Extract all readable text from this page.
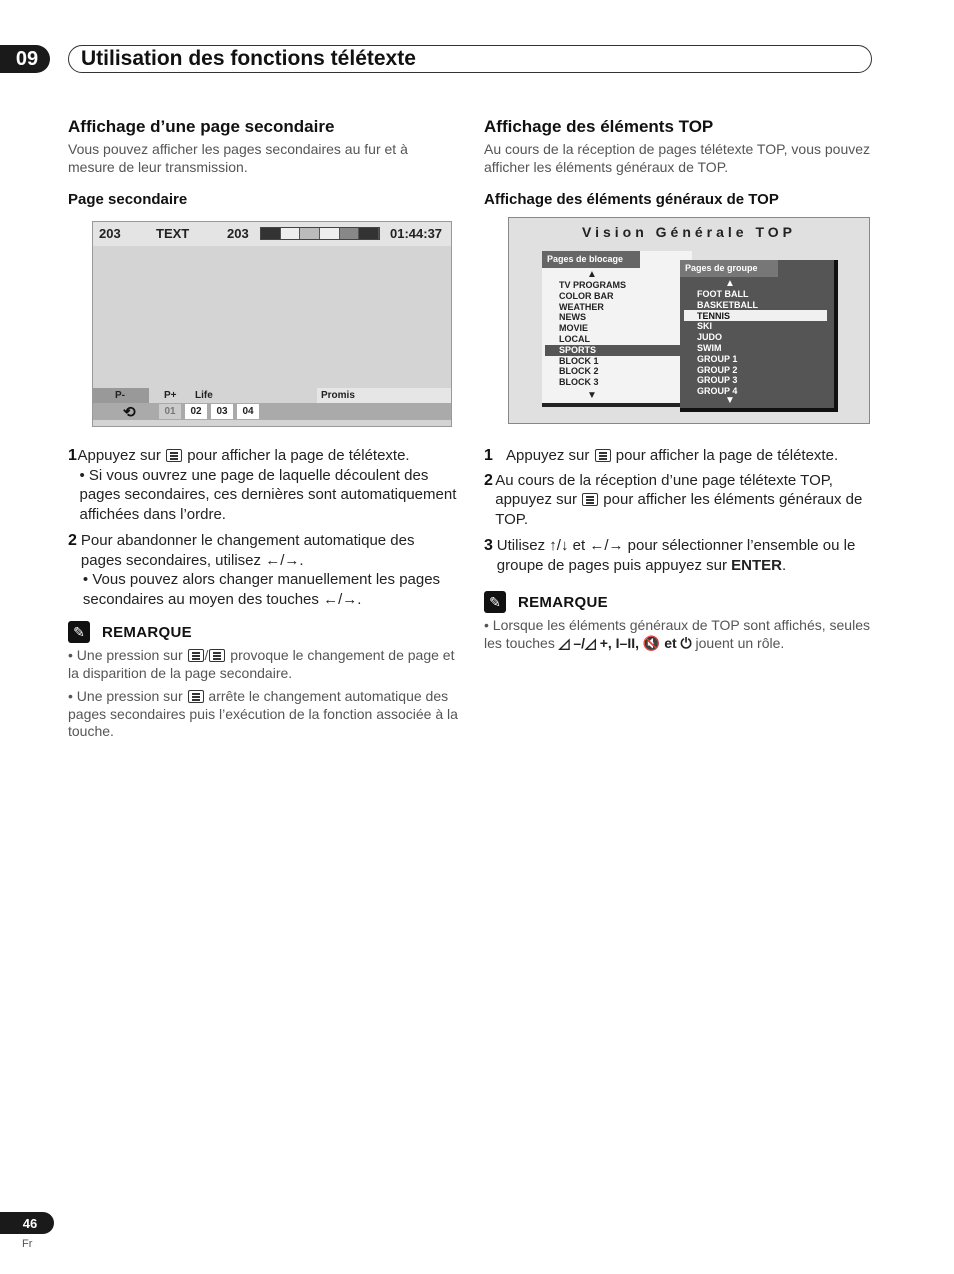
09	Utilisation des fonctions télétexte
Affichage d’une page secondaire
Vous pouvez afficher les pages secondaires au fur et à mesure de leur transmission.
Page secondaire
203	TEXT	203	01:44:37
P-	P+ Life	Promis
⟲	01	02	03	04
1 Appuyez sur pour afficher la page de télétexte.
• Si vous ouvrez une page de laquelle découlent des pages secondaires, ces dernières sont automatiquement affichées dans l’ordre.
2 Pour abandonner le changement automatique des pages secondaires, utilisez ←/→.
• Vous pouvez alors changer manuellement les pages secondaires au moyen des touches ←/→.
✎	REMARQUE
• Une pression sur / provoque le changement de page et la disparition de la page secondaire.
• Une pression sur arrête le changement automatique des pages secondaires puis l’exécution de la fonction associée à la touche.
Affichage des éléments TOP
Au cours de la réception de pages télétexte TOP, vous pouvez afficher les éléments généraux de TOP.
Affichage des éléments généraux de TOP
Vision Générale TOP
Pages de blocage
▲
TV PROGRAMS
COLOR BAR
WEATHER
NEWS
MOVIE
LOCAL
SPORTS
BLOCK 1
BLOCK 2
BLOCK 3
▼
Pages de groupe
▲
FOOT BALL
BASKETBALL
TENNIS
SKI
JUDO
SWIM
GROUP 1
GROUP 2
GROUP 3
GROUP 4
▼
1 Appuyez sur pour afficher la page de télétexte.
2 Au cours de la réception d’une page télétexte TOP, appuyez sur pour afficher les éléments généraux de TOP.
3 Utilisez ↑/↓ et ←/→ pour sélectionner l’ensemble ou le groupe de pages puis appuyez sur ENTER.
✎	REMARQUE
• Lorsque les éléments généraux de TOP sont affichés, seules les touches ◿ –/◿ +, I–II, 🔇 et ⏻ jouent un rôle.
46
Fr
